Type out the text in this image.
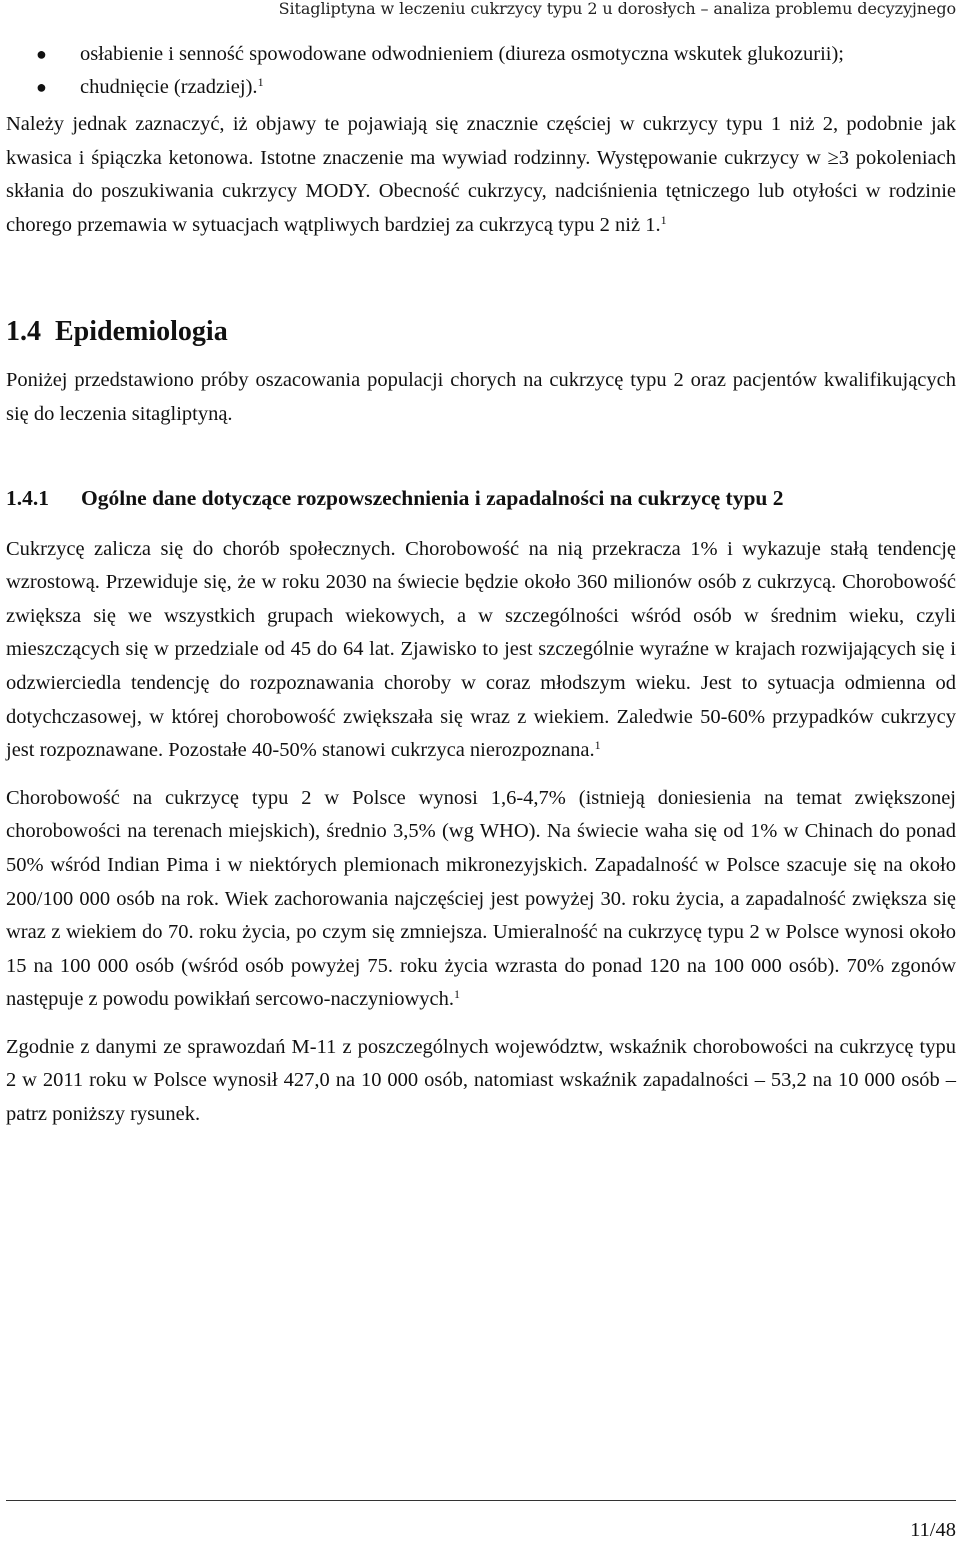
Sitagliptyna w leczeniu cukrzycy typu 2 u dorosłych – analiza problemu decyzyjnego
● osłabienie i senność spowodowane odwodnieniem (diureza osmotyczna wskutek glukozurii);
● chudnięcie (rzadziej).$^1$

Należy jednak zaznaczyć, iż objawy te pojawiają się znacznie częściej w cukrzycy typu 1 niż 2, podobnie jak kwasica i śpiączka ketonowa. Istotne znaczenie ma wywiad rodzinny. Występowanie cukrzycy w ≥3 pokoleniach skłania do poszukiwania cukrzycy MODY. Obecność cukrzycy, nadciśnienia tętniczego lub otyłości w rodzinie chorego przemawia w sytuacjach wątpliwych bardziej za cukrzycą typu 2 niż 1.$^1$

1.4 Epidemiologia

Poniżej przedstawiono próby oszacowania populacji chorych na cukrzycę typu 2 oraz pacjentów kwalifikujących się do leczenia sitagliptyną.

1.4.1	Ogólne dane dotyczące rozpowszechnienia i zapadalności na cukrzycę typu 2

Cukrzycę zalicza się do chorób społecznych. Chorobowość na nią przekracza 1% i wykazuje stałą tendencję wzrostową. Przewiduje się, że w roku 2030 na świecie będzie około 360 milionów osób z cukrzycą. Chorobowość zwiększa się we wszystkich grupach wiekowych, a w szczególności wśród osób w średnim wieku, czyli mieszczących się w przedziale od 45 do 64 lat. Zjawisko to jest szczególnie wyraźne w krajach rozwijających się i odzwierciedla tendencję do rozpoznawania choroby w coraz młodszym wieku. Jest to sytuacja odmienna od dotychczasowej, w której chorobowość zwiększała się wraz z wiekiem. Zaledwie 50-60% przypadków cukrzycy jest rozpoznawane. Pozostałe 40-50% stanowi cukrzyca nierozpoznana.$^1$

Chorobowość na cukrzycę typu 2 w Polsce wynosi 1,6-4,7% (istnieją doniesienia na temat zwiększonej chorobowości na terenach miejskich), średnio 3,5% (wg WHO). Na świecie waha się od 1% w Chinach do ponad 50% wśród Indian Pima i w niektórych plemionach mikronezyjskich. Zapadalność w Polsce szacuje się na około 200/100 000 osób na rok. Wiek zachorowania najczęściej jest powyżej 30. roku życia, a zapadalność zwiększa się wraz z wiekiem do 70. roku życia, po czym się zmniejsza. Umieralność na cukrzycę typu 2 w Polsce wynosi około 15 na 100 000 osób (wśród osób powyżej 75. roku życia wzrasta do ponad 120 na 100 000 osób). 70% zgonów następuje z powodu powikłań sercowo-naczyniowych.$^1$

Zgodnie z danymi ze sprawozdań M-11 z poszczególnych województw, wskaźnik chorobowości na cukrzycę typu 2 w 2011 roku w Polsce wynosił 427,0 na 10 000 osób, natomiast wskaźnik zapadalności – 53,2 na 10 000 osób – patrz poniższy rysunek.

11/48
